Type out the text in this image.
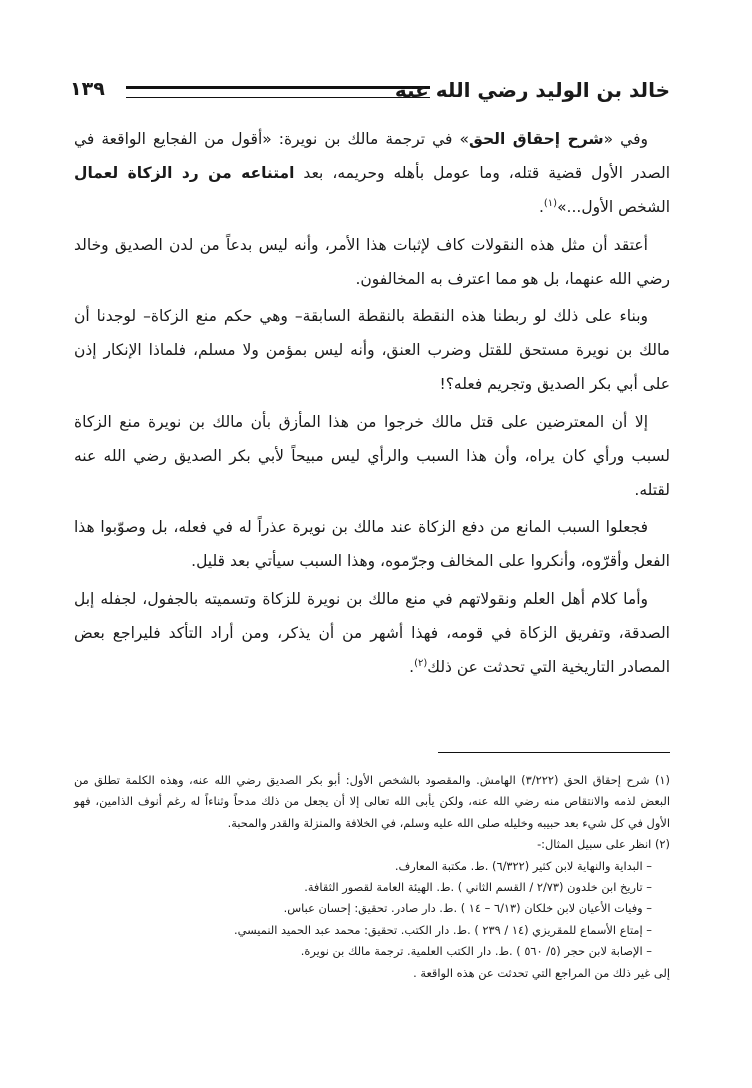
١٣٩	خالد بن الوليد رضي الله عنه

وفي «شرح إحقاق الحق» في ترجمة مالك بن نويرة: «أقول من الفجايع الواقعة في الصدر الأول قضية قتله، وما عومل بأهله وحريمه، بعد امتناعه من رد الزكاة لعمال الشخص الأول...»$^{(١)}$.

أعتقد أن مثل هذه النقولات كاف لإثبات هذا الأمر، وأنه ليس بدعاً من لدن الصديق وخالد رضي الله عنهما، بل هو مما اعترف به المخالفون.

وبناء على ذلك لو ربطنا هذه النقطة بالنقطة السابقة– وهي حكم منع الزكاة– لوجدنا أن مالك بن نويرة مستحق للقتل وضرب العنق، وأنه ليس بمؤمن ولا مسلم، فلماذا الإنكار إذن على أبي بكر الصديق وتجريم فعله؟!

إلا أن المعترضين على قتل مالك خرجوا من هذا المأزق بأن مالك بن نويرة منع الزكاة لسبب ورأي كان يراه، وأن هذا السبب والرأي ليس مبيحاً لأبي بكر الصديق رضي الله عنه لقتله.

فجعلوا السبب المانع من دفع الزكاة عند مالك بن نويرة عذراً له في فعله، بل وصوّبوا هذا الفعل وأقرّوه، وأنكروا على المخالف وجرّموه، وهذا السبب سيأتي بعد قليل.

وأما كلام أهل العلم ونقولاتهم في منع مالك بن نويرة للزكاة وتسميته بالجفول، لجفله إبل الصدقة، وتفريق الزكاة في قومه، فهذا أشهر من أن يذكر، ومن أراد التأكد فليراجع بعض المصادر التاريخية التي تحدثت عن ذلك$^{(٢)}$.

(١) شرح إحقاق الحق (٣/٢٢٢) الهامش. والمقصود بالشخص الأول: أبو بكر الصديق رضي الله عنه، وهذه الكلمة تطلق من البعض لذمه والانتقاص منه رضي الله عنه، ولكن يأبى الله تعالى إلا أن يجعل من ذلك مدحاً وثناءاً له رغم أنوف الذامين، فهو الأول في كل شيء بعد حبيبه وخليله صلى الله عليه وسلم، في الخلافة والمنزلة والقدر والمحبة.

(٢) انظر على سبيل المثال:-

– البداية والنهاية لابن كثير (٦/٣٢٢) .ط. مكتبة المعارف.

– تاريخ ابن خلدون (٢/٧٣ / القسم الثاني ) .ط. الهيئة العامة لقصور الثقافة.

– وفيات الأعيان لابن خلكان (٦/١٣ – ١٤ ) .ط. دار صادر. تحقيق: إحسان عباس.

– إمتاع الأسماع للمقريزي (١٤ / ٢٣٩ ) .ط. دار الكتب. تحقيق: محمد عبد الحميد النميسي.

– الإصابة لابن حجر (٥/ ٥٦٠ ) .ط. دار الكتب العلمية. ترجمة مالك بن نويرة.

إلى غير ذلك من المراجع التي تحدثت عن هذه الواقعة .
